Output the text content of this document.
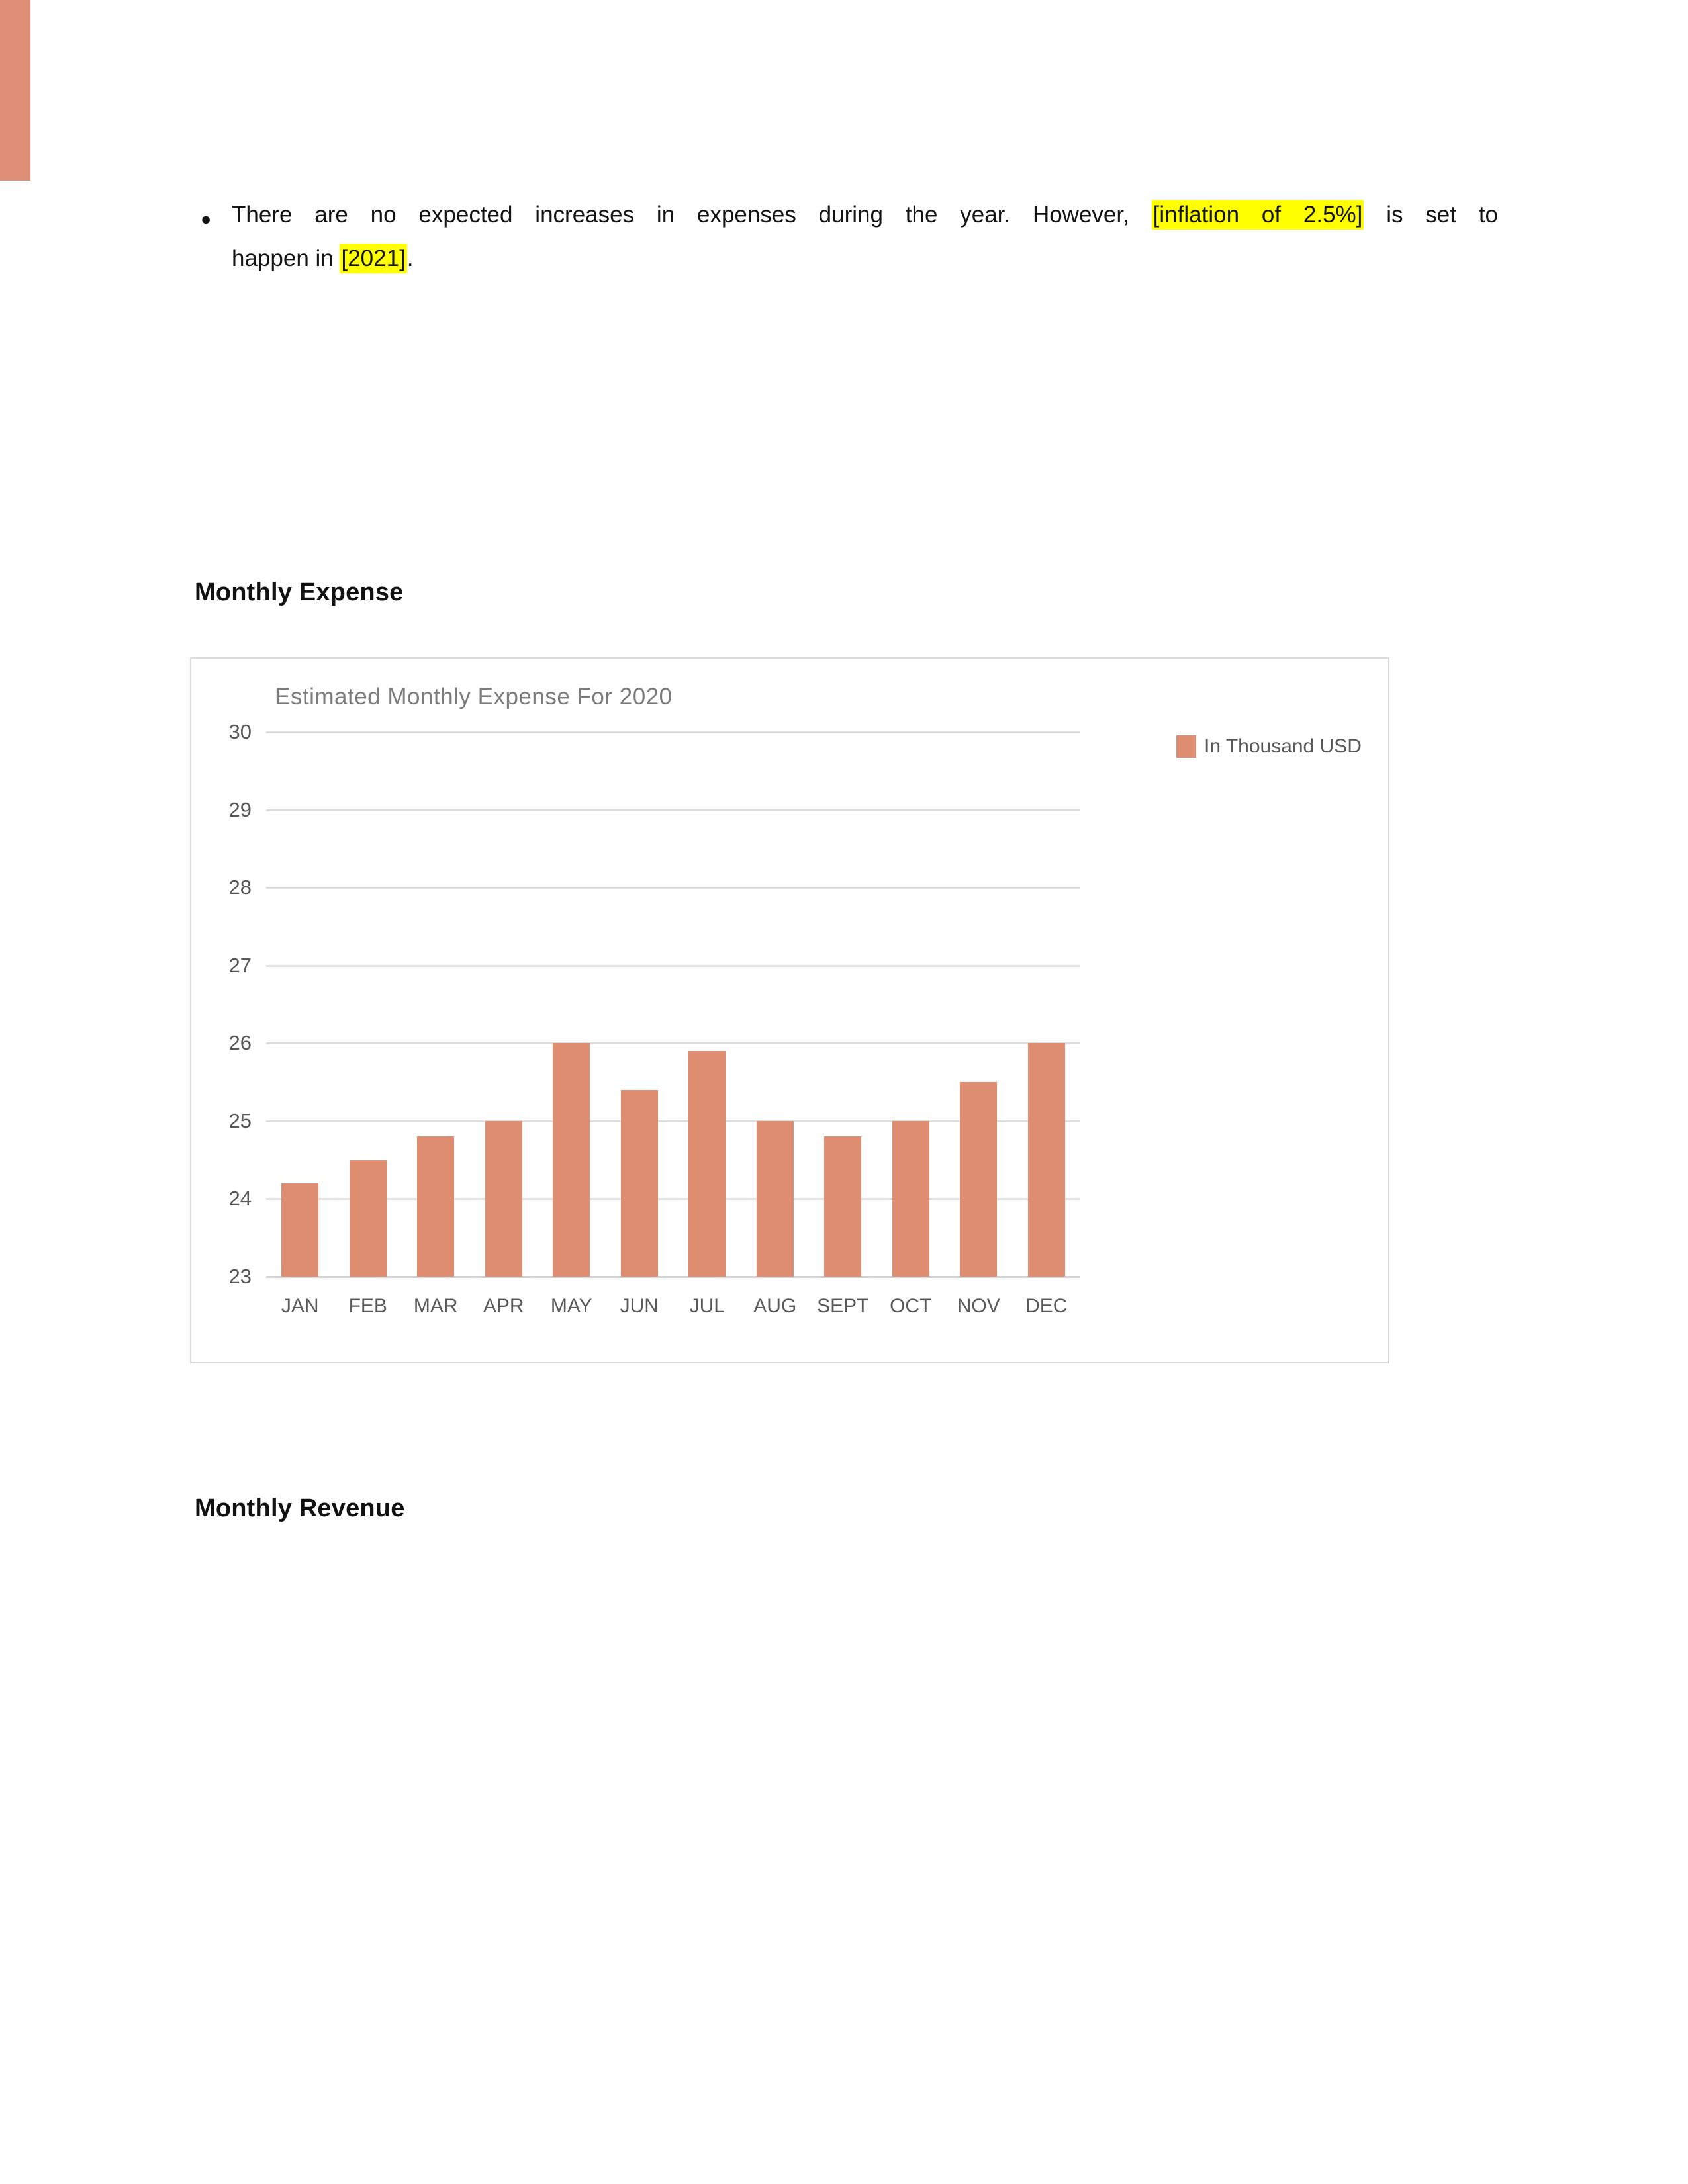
● There are no expected increases in expenses during the year. However, [inflation of 2.5%] is set to
happen in [2021].
Monthly Expense
Estimated Monthly Expense For 2020
In Thousand USD
30
29
28
27
26
25
24
23
JAN FEB MAR APR MAY JUN JUL AUG SEPT OCT NOV DEC
Monthly Revenue
